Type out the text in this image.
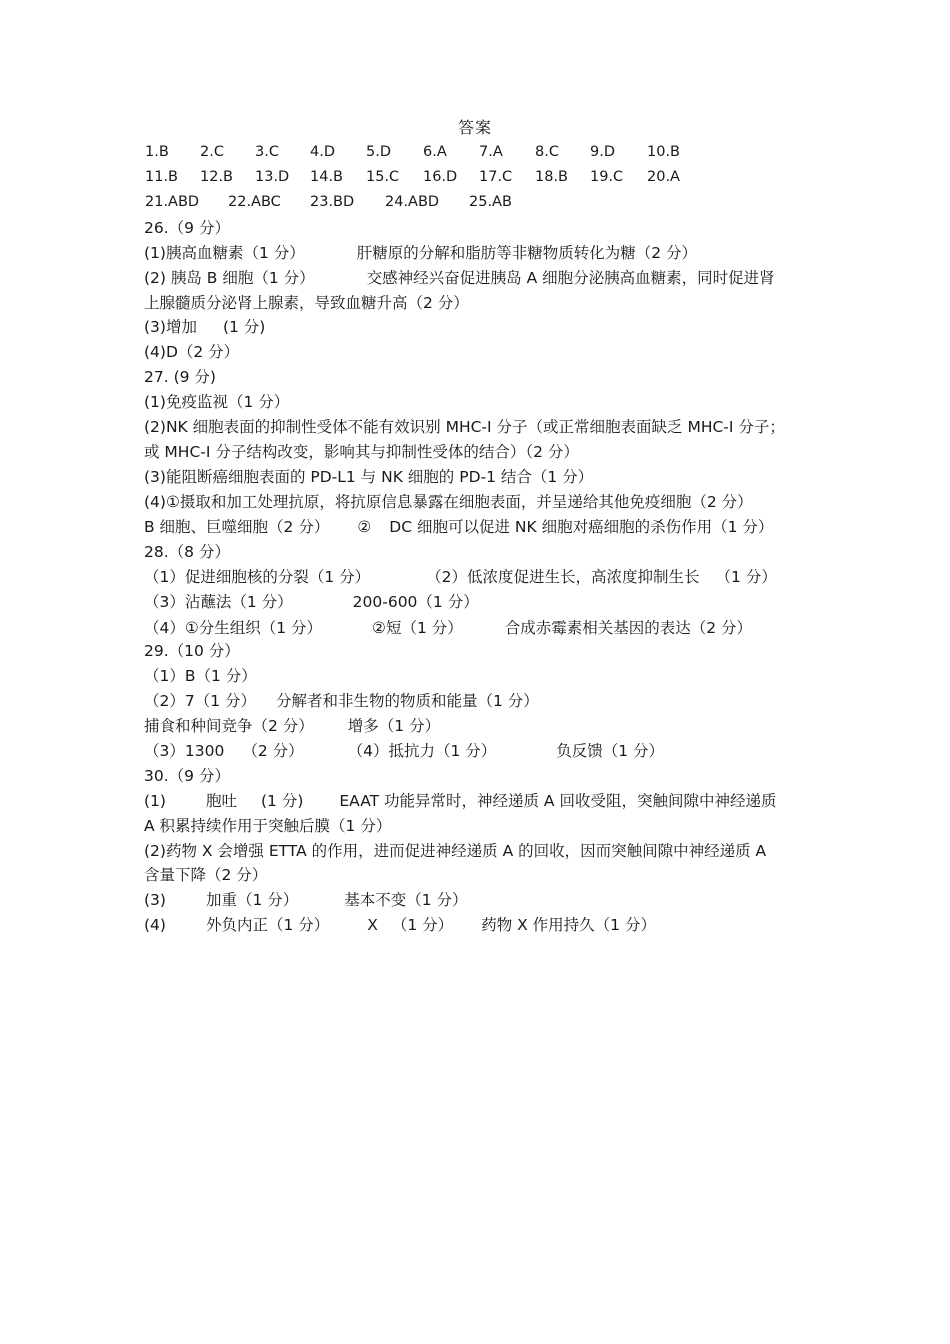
答案
1.B 2.C 3.C 4.D 5.D 6.A 7.A 8.C 9.D 10.B
11.B 12.B 13.D 14.B 15.C 16.D 17.C 18.B 19.C 20.A
21.ABD 22.ABC 23.BD 24.ABD 25.AB
26.（9 分）
(1)胰高血糖素（1 分）	肝糖原的分解和脂肪等非糖物质转化为糖（2 分）
(2) 胰岛 B 细胞（1 分）	交感神经兴奋促进胰岛 A 细胞分泌胰高血糖素，同时促进肾
上腺髓质分泌肾上腺素，导致血糖升高（2 分）
(3)增加 (1 分)
(4)D（2 分）
27. (9 分)
(1)免疫监视（1 分）
(2)NK 细胞表面的抑制性受体不能有效识别 MHC-I 分子（或正常细胞表面缺乏 MHC-I 分子；
或 MHC-I 分子结构改变，影响其与抑制性受体的结合）（2 分）
(3)能阻断癌细胞表面的 PD-L1 与 NK 细胞的 PD-1 结合（1 分）
(4)①摄取和加工处理抗原，将抗原信息暴露在细胞表面，并呈递给其他免疫细胞（2 分）
B 细胞、巨噬细胞（2 分） ② DC 细胞可以促进 NK 细胞对癌细胞的杀伤作用（1 分）
28.（8 分）
（1）促进细胞核的分裂（1 分）	（2）低浓度促进生长，高浓度抑制生长 （1 分）
（3）沾蘸法（1 分）	200-600（1 分）
（4）①分生组织（1 分）	②短（1 分）	合成赤霉素相关基因的表达（2 分）
29.（10 分）
（1）B（1 分）
（2）7（1 分） 分解者和非生物的物质和能量（1 分）
捕食和种间竞争（2 分） 增多（1 分）
（3）1300 （2 分）	（4）抵抗力（1 分）	负反馈（1 分）
30.（9 分）
(1)	胞吐 (1 分) EAAT 功能异常时，神经递质 A 回收受阻，突触间隙中神经递质
A 积累持续作用于突触后膜（1 分）
(2)药物 X 会增强 ETTA 的作用，进而促进神经递质 A 的回收，因而突触间隙中神经递质 A
含量下降（2 分）
(3)	加重（1 分）	基本不变（1 分）
(4)	外负内正（1 分） X （1 分） 药物 X 作用持久（1 分）
